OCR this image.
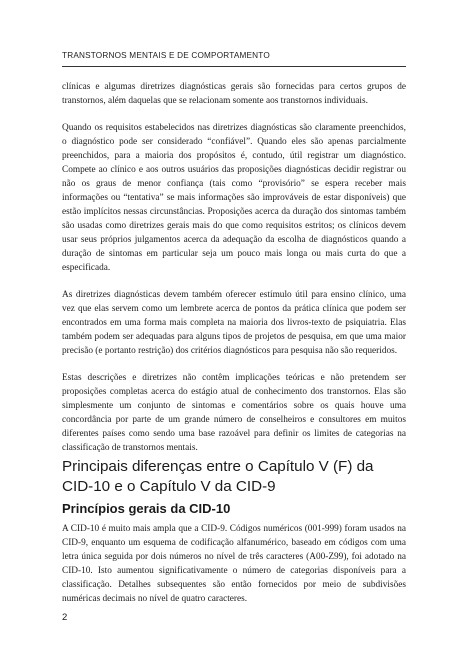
TRANSTORNOS MENTAIS E DE COMPORTAMENTO

clínicas e algumas diretrizes diagnósticas gerais são fornecidas para certos grupos de transtornos, além daquelas que se relacionam somente aos transtornos individuais.

Quando os requisitos estabelecidos nas diretrizes diagnósticas são claramente preenchidos, o diagnóstico pode ser considerado “confiável”. Quando eles são apenas parcialmente preenchidos, para a maioria dos propósitos é, contudo, útil registrar um diagnóstico. Compete ao clínico e aos outros usuários das proposições diagnósticas decidir registrar ou não os graus de menor confiança (tais como “provisório” se espera receber mais informações ou “tentativa” se mais informações são improváveis de estar disponíveis) que estão implícitos nessas circunstâncias. Proposições acerca da duração dos sintomas também são usadas como diretrizes gerais mais do que como requisitos estritos; os clínicos devem usar seus próprios julgamentos acerca da adequação da escolha de diagnósticos quando a duração de sintomas em particular seja um pouco mais longa ou mais curta do que a especificada.

As diretrizes diagnósticas devem também oferecer estímulo útil para ensino clínico, uma vez que elas servem como um lembrete acerca de pontos da prática clínica que podem ser encontrados em uma forma mais completa na maioria dos livros-texto de psiquiatria. Elas também podem ser adequadas para alguns tipos de projetos de pesquisa, em que uma maior precisão (e portanto restrição) dos critérios diagnósticos para pesquisa não são requeridos.

Estas descrições e diretrizes não contêm implicações teóricas e não pretendem ser proposições completas acerca do estágio atual de conhecimento dos transtornos. Elas são simplesmente um conjunto de sintomas e comentários sobre os quais houve uma concordância por parte de um grande número de conselheiros e consultores em muitos diferentes países como sendo uma base razoável para definir os limites de categorias na classificação de transtornos mentais.

Principais diferenças entre o Capítulo V (F) da CID-10 e o Capítulo V da CID-9
Princípios gerais da CID-10

A CID-10 é muito mais ampla que a CID-9. Códigos numéricos (001-999) foram usados na CID-9, enquanto um esquema de codificação alfanumérico, baseado em códigos com uma letra única seguida por dois números no nível de três caracteres (A00-Z99), foi adotado na CID-10. Isto aumentou significativamente o número de categorias disponíveis para a classificação. Detalhes subsequentes são então fornecidos por meio de subdivisões numéricas decimais no nível de quatro caracteres.

2
